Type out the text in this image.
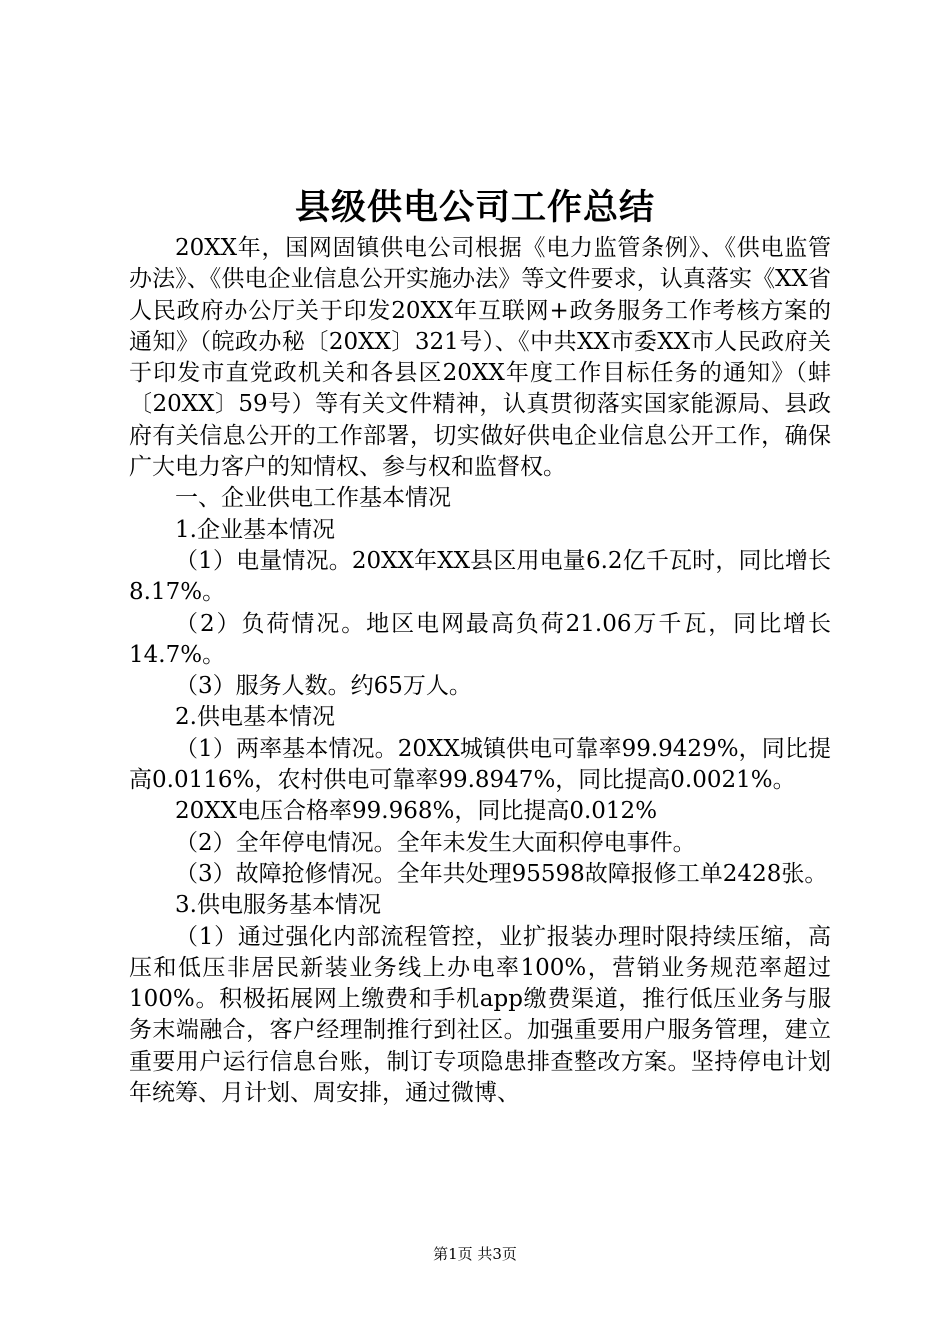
县级供电公司工作总结

20XX年，国网固镇供电公司根据《电力监管条例》、《供电监管办法》、《供电企业信息公开实施办法》等文件要求，认真落实《XX省人民政府办公厅关于印发20XX年互联网+政务服务工作考核方案的通知》（皖政办秘〔20XX〕321号）、《中共XX市委XX市人民政府关于印发市直党政机关和各县区20XX年度工作目标任务的通知》（蚌〔20XX〕59号）等有关文件精神，认真贯彻落实国家能源局、县政府有关信息公开的工作部署，切实做好供电企业信息公开工作，确保广大电力客户的知情权、参与权和监督权。

一、企业供电工作基本情况

1.企业基本情况

（1）电量情况。20XX年XX县区用电量6.2亿千瓦时，同比增长8.17%。

（2）负荷情况。地区电网最高负荷21.06万千瓦，同比增长14.7%。

（3）服务人数。约65万人。

2.供电基本情况

（1）两率基本情况。20XX城镇供电可靠率99.9429%，同比提高0.0116%，农村供电可靠率99.8947%，同比提高0.0021%。

20XX电压合格率99.968%，同比提高0.012%

（2）全年停电情况。全年未发生大面积停电事件。

（3）故障抢修情况。全年共处理95598故障报修工单2428张。

3.供电服务基本情况

（1）通过强化内部流程管控，业扩报装办理时限持续压缩，高压和低压非居民新装业务线上办电率100%，营销业务规范率超过100%。积极拓展网上缴费和手机app缴费渠道，推行低压业务与服务末端融合，客户经理制推行到社区。加强重要用户服务管理，建立重要用户运行信息台账，制订专项隐患排查整改方案。坚持停电计划年统筹、月计划、周安排，通过微博、

第1页 共3页
